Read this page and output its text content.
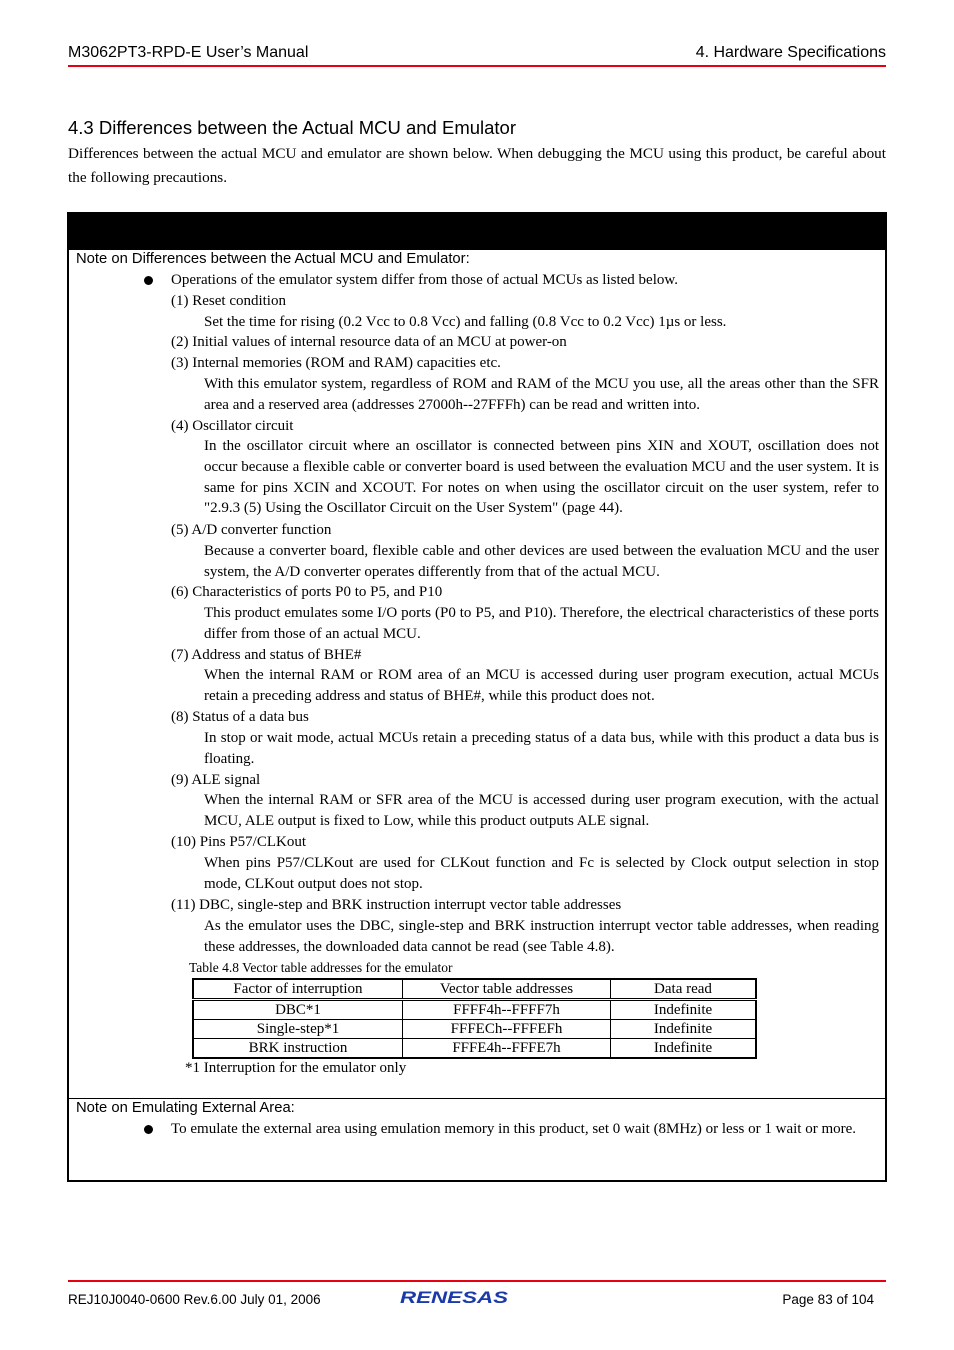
M3062PT3-RPD-E User’s Manual	4. Hardware Specifications
4.3 Differences between the Actual MCU and Emulator
Differences between the actual MCU and emulator are shown below. When debugging the MCU using this product, be careful about the following precautions.
Note on Differences between the Actual MCU and Emulator:
Operations of the emulator system differ from those of actual MCUs as listed below.
(1) Reset condition
Set the time for rising (0.2 Vcc to 0.8 Vcc) and falling (0.8 Vcc to 0.2 Vcc) 1µs or less.
(2) Initial values of internal resource data of an MCU at power-on
(3) Internal memories (ROM and RAM) capacities etc.
With this emulator system, regardless of ROM and RAM of the MCU you use, all the areas other than the SFR area and a reserved area (addresses 27000h--27FFFh) can be read and written into.
(4) Oscillator circuit
In the oscillator circuit where an oscillator is connected between pins XIN and XOUT, oscillation does not occur because a flexible cable or converter board is used between the evaluation MCU and the user system. It is same for pins XCIN and XCOUT. For notes on when using the oscillator circuit on the user system, refer to "2.9.3 (5) Using the Oscillator Circuit on the User System" (page 44).
(5) A/D converter function
Because a converter board, flexible cable and other devices are used between the evaluation MCU and the user system, the A/D converter operates differently from that of the actual MCU.
(6) Characteristics of ports P0 to P5, and P10
This product emulates some I/O ports (P0 to P5, and P10). Therefore, the electrical characteristics of these ports differ from those of an actual MCU.
(7) Address and status of BHE#
When the internal RAM or ROM area of an MCU is accessed during user program execution, actual MCUs retain a preceding address and status of BHE#, while this product does not.
(8) Status of a data bus
In stop or wait mode, actual MCUs retain a preceding status of a data bus, while with this product a data bus is floating.
(9) ALE signal
When the internal RAM or SFR area of the MCU is accessed during user program execution, with the actual MCU, ALE output is fixed to Low, while this product outputs ALE signal.
(10) Pins P57/CLKout
When pins P57/CLKout are used for CLKout function and Fc is selected by Clock output selection in stop mode, CLKout output does not stop.
(11) DBC, single-step and BRK instruction interrupt vector table addresses
As the emulator uses the DBC, single-step and BRK instruction interrupt vector table addresses, when reading these addresses, the downloaded data cannot be read (see Table 4.8).
Table 4.8 Vector table addresses for the emulator
Factor of interruption	Vector table addresses	Data read
DBC*1	FFFF4h--FFFF7h	Indefinite
Single-step*1	FFFECh--FFFEFh	Indefinite
BRK instruction	FFFE4h--FFFE7h	Indefinite
*1 Interruption for the emulator only
Note on Emulating External Area:
To emulate the external area using emulation memory in this product, set 0 wait (8MHz) or less or 1 wait or more.
REJ10J0040-0600 Rev.6.00 July 01, 2006	RENESAS	Page 83 of 104
